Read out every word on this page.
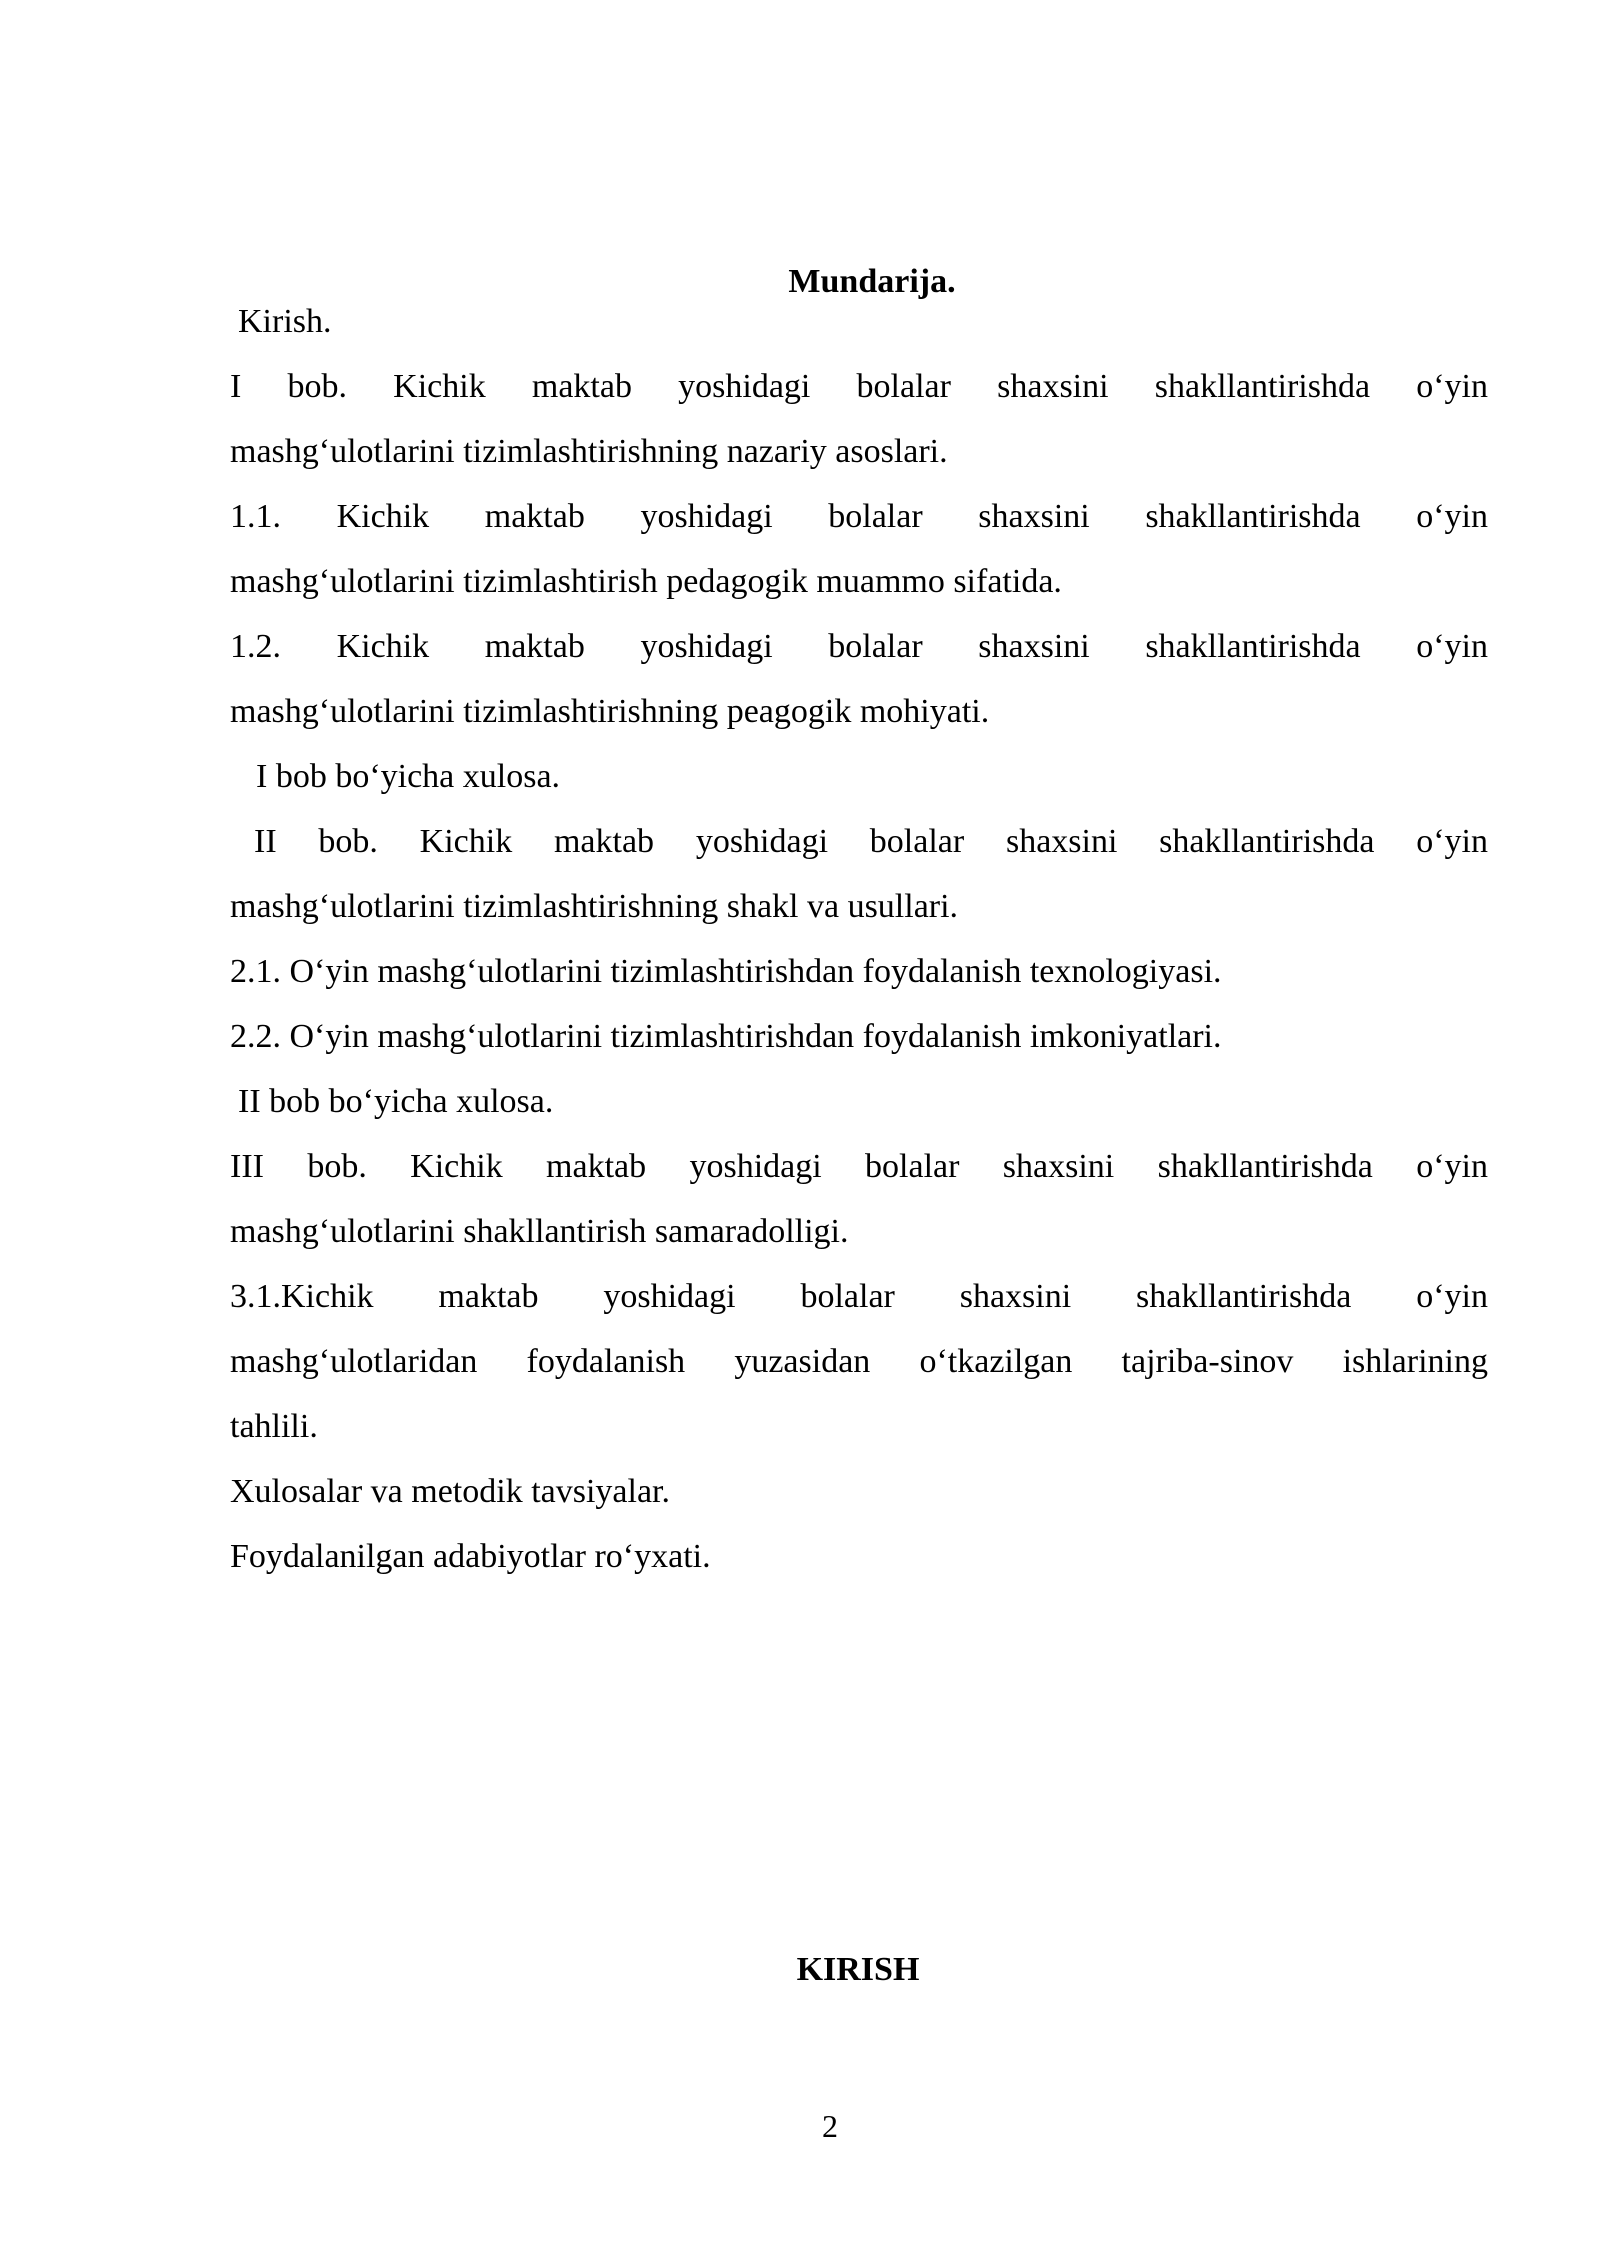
Mundarija.
Kirish.
I bob. Kichik maktab yoshidagi bolalar shaxsini shakllantirishda o‘yin
mashg‘ulotlarini tizimlashtirishning nazariy asoslari.
1.1. Kichik maktab yoshidagi bolalar shaxsini shakllantirishda o‘yin
mashg‘ulotlarini tizimlashtirish pedagogik muammo sifatida.
1.2. Kichik maktab yoshidagi bolalar shaxsini shakllantirishda o‘yin
mashg‘ulotlarini tizimlashtirishning peagogik mohiyati.
I bob bo‘yicha xulosa.
II bob. Kichik maktab yoshidagi bolalar shaxsini shakllantirishda o‘yin
mashg‘ulotlarini tizimlashtirishning shakl va usullari.
2.1. O‘yin mashg‘ulotlarini tizimlashtirishdan foydalanish texnologiyasi.
2.2. O‘yin mashg‘ulotlarini tizimlashtirishdan foydalanish imkoniyatlari.
II bob bo‘yicha xulosa.
III bob. Kichik maktab yoshidagi bolalar shaxsini shakllantirishda o‘yin
mashg‘ulotlarini shakllantirish samaradolligi.
3.1.Kichik maktab yoshidagi bolalar shaxsini shakllantirishda o‘yin
mashg‘ulotlaridan foydalanish yuzasidan o‘tkazilgan tajriba-sinov ishlarining
tahlili.
Xulosalar va metodik tavsiyalar.
Foydalanilgan adabiyotlar ro‘yxati.
KIRISH
2
